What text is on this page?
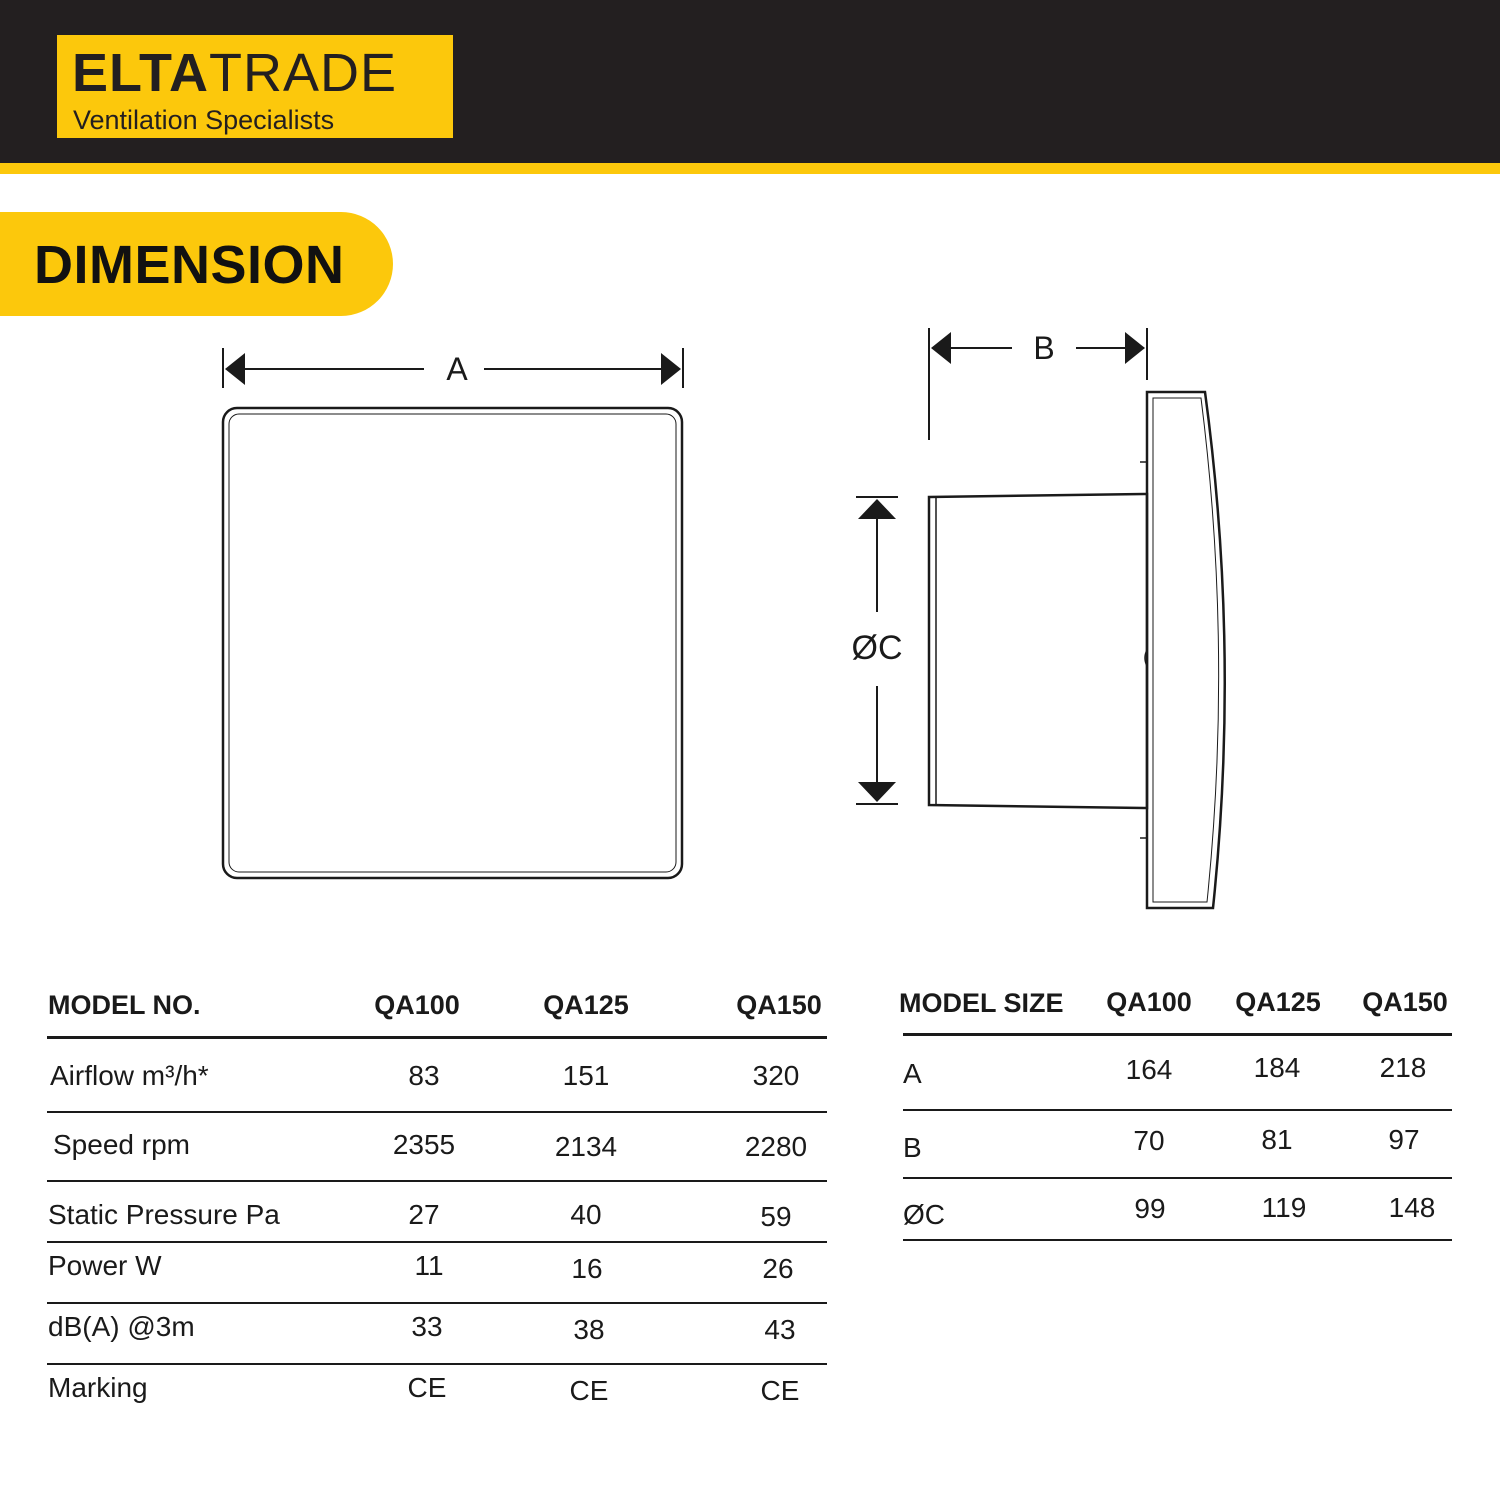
ELTATRADE
Ventilation Specialists
DIMENSION
A
B
ØC
MODEL NO.	QA100	QA125	QA150
Airflow m³/h*	83	151	320
Speed rpm	2355	2134	2280
Static Pressure Pa	27	40	59
Power W	11	16	26
dB(A) @3m	33	38	43
Marking	CE	CE	CE
MODEL SIZE	QA100	QA125	QA150
A	164	184	218
B	70	81	97
ØC	99	119	148
